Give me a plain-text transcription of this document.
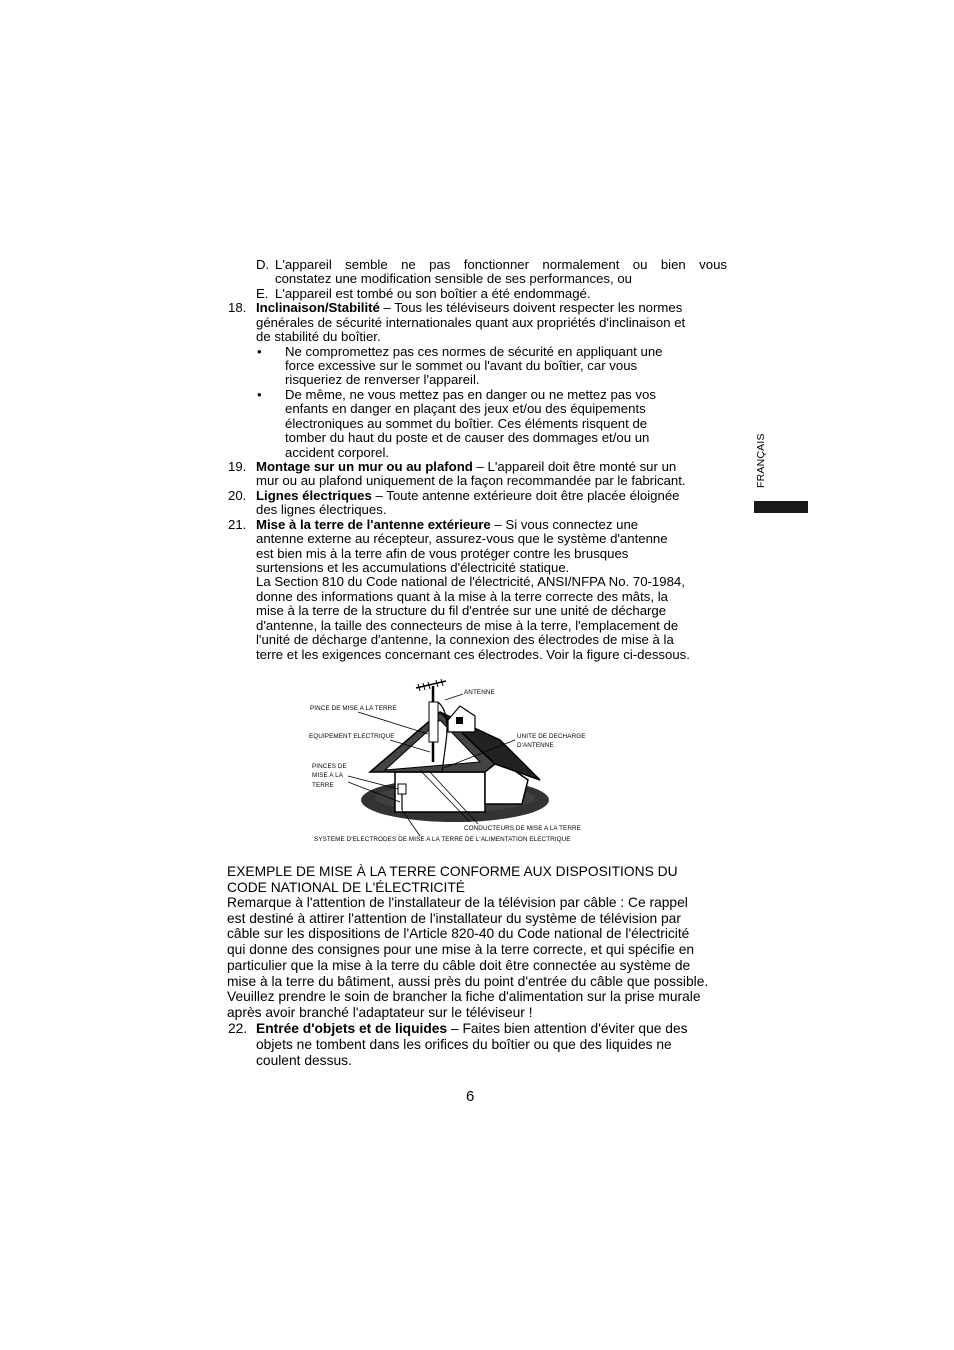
FRANÇAIS
D. L'appareil semble ne pas fonctionner normalement ou bien vous
constatez une modification sensible de ses performances, ou
E. L'appareil est tombé ou son boîtier a été endommagé.
18. Inclinaison/Stabilité – Tous les téléviseurs doivent respecter les normes
générales de sécurité internationales quant aux propriétés d'inclinaison et
de stabilité du boîtier.
• Ne compromettez pas ces normes de sécurité en appliquant une
force excessive sur le sommet ou l'avant du boîtier, car vous
risqueriez de renverser l'appareil.
• De même, ne vous mettez pas en danger ou ne mettez pas vos
enfants en danger en plaçant des jeux et/ou des équipements
électroniques au sommet du boîtier. Ces éléments risquent de
tomber du haut du poste et de causer des dommages et/ou un
accident corporel.
19. Montage sur un mur ou au plafond – L'appareil doit être monté sur un
mur ou au plafond uniquement de la façon recommandée par le fabricant.
20. Lignes électriques – Toute antenne extérieure doit être placée éloignée
des lignes électriques.
21. Mise à la terre de l'antenne extérieure – Si vous connectez une
antenne externe au récepteur, assurez-vous que le système d'antenne
est bien mis à la terre afin de vous protéger contre les brusques
surtensions et les accumulations d'électricité statique.
La Section 810 du Code national de l'électricité, ANSI/NFPA No. 70-1984,
donne des informations quant à la mise à la terre correcte des mâts, la
mise à la terre de la structure du fil d'entrée sur une unité de décharge
d'antenne, la taille des connecteurs de mise à la terre, l'emplacement de
l'unité de décharge d'antenne, la connexion des électrodes de mise à la
terre et les exigences concernant ces électrodes. Voir la figure ci-dessous.
ANTENNE
PINCE DE MISE A LA TERRE
EQUIPEMENT ELECTRIQUE	UNITE DE DECHARGE
D'ANTENNE
PINCES DE
MISE A LA
TERRE
CONDUCTEURS DE MISE A LA TERRE
SYSTEME D'ELECTRODES DE MISE A LA TERRE DE L'ALIMENTATION ELECTRIQUE
EXEMPLE DE MISE À LA TERRE CONFORME AUX DISPOSITIONS DU
CODE NATIONAL DE L'ÉLECTRICITÉ
Remarque à l'attention de l'installateur de la télévision par câble : Ce rappel
est destiné à attirer l'attention de l'installateur du système de télévision par
câble sur les dispositions de l'Article 820-40 du Code national de l'électricité
qui donne des consignes pour une mise à la terre correcte, et qui spécifie en
particulier que la mise à la terre du câble doit être connectée au système de
mise à la terre du bâtiment, aussi près du point d'entrée du câble que possible.
Veuillez prendre le soin de brancher la fiche d'alimentation sur la prise murale
après avoir branché l'adaptateur sur le téléviseur !
22. Entrée d'objets et de liquides – Faites bien attention d'éviter que des
objets ne tombent dans les orifices du boîtier ou que des liquides ne
coulent dessus.
6
